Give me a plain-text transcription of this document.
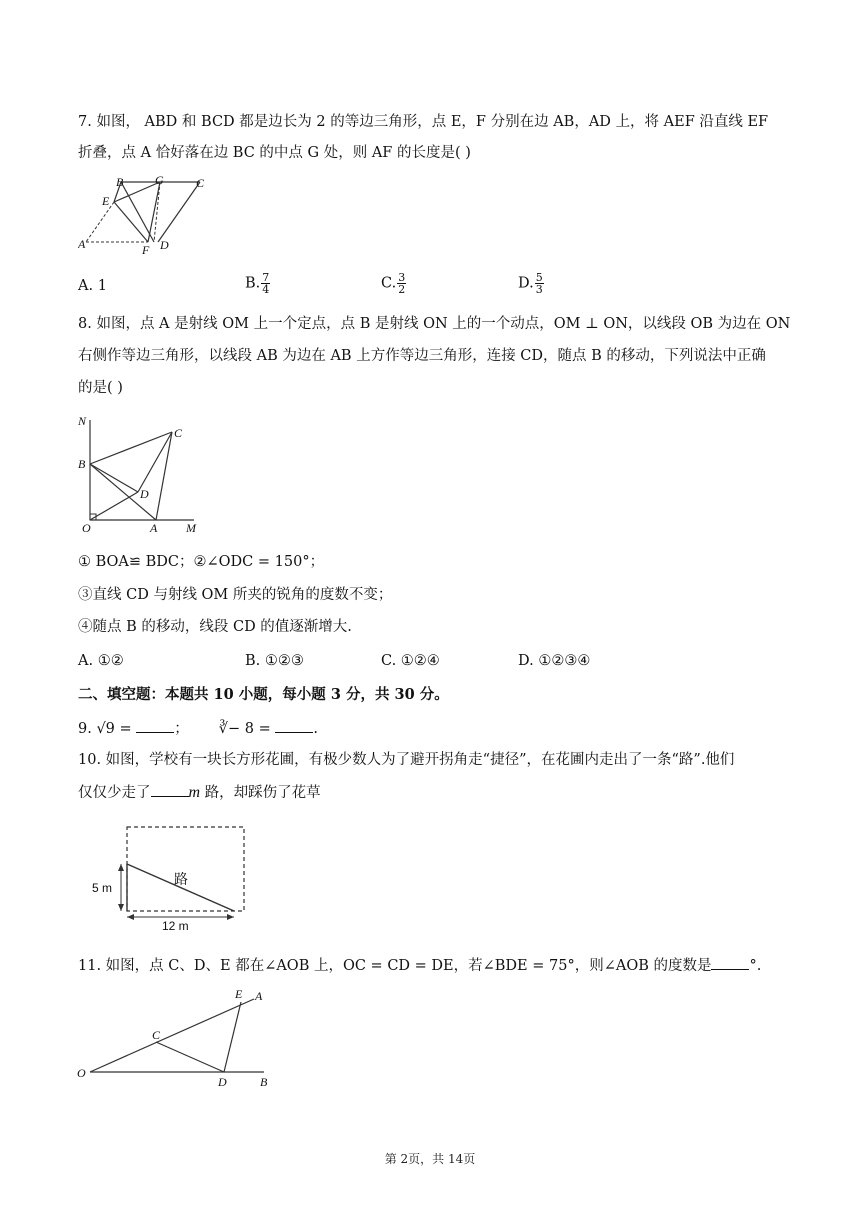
7. 如图， ABD 和 BCD 都是边长为 2 的等边三角形，点 E，F 分别在边 AB，AD 上，将 AEF 沿直线 EF
折叠，点 A 恰好落在边 BC 的中点 G 处，则 AF 的长度是( )
B	G	C
E
A	F D
A. 1	B. $\frac{7}{4}$	C. $\frac{3}{2}$	D. $\frac{5}{3}$
8. 如图，点 A 是射线 OM 上一个定点，点 B 是射线 ON 上的一个动点，OM ⊥ ON，以线段 OB 为边在 ON
右侧作等边三角形，以线段 AB 为边在 AB 上方作等边三角形，连接 CD，随点 B 的移动，下列说法中正确
的是( )
N
C
B
D
O	A M
① BOA≌ BDC；②∠ODC = 150°；
③直线 CD 与射线 OM 所夹的锐角的度数不变；
④随点 B 的移动，线段 CD 的值逐渐增大.
A. ①②	B. ①②③	C. ①②④	D. ①②③④
二、填空题：本题共 10 小题，每小题 3 分，共 30 分。
9. √9 =	； ∛− 8 =	.
10. 如图，学校有一块长方形花圃，有极少数人为了避开拐角走“捷径”，在花圃内走出了一条“路”.他们
仅仅少走了 m 路，却踩伤了花草
路
5 m
12 m
11. 如图，点 C、D、E 都在∠AOB 上，OC = CD = DE，若∠BDE = 75°，则∠AOB 的度数是	°.
E A
C
O
D	B
第 2页，共 14页
